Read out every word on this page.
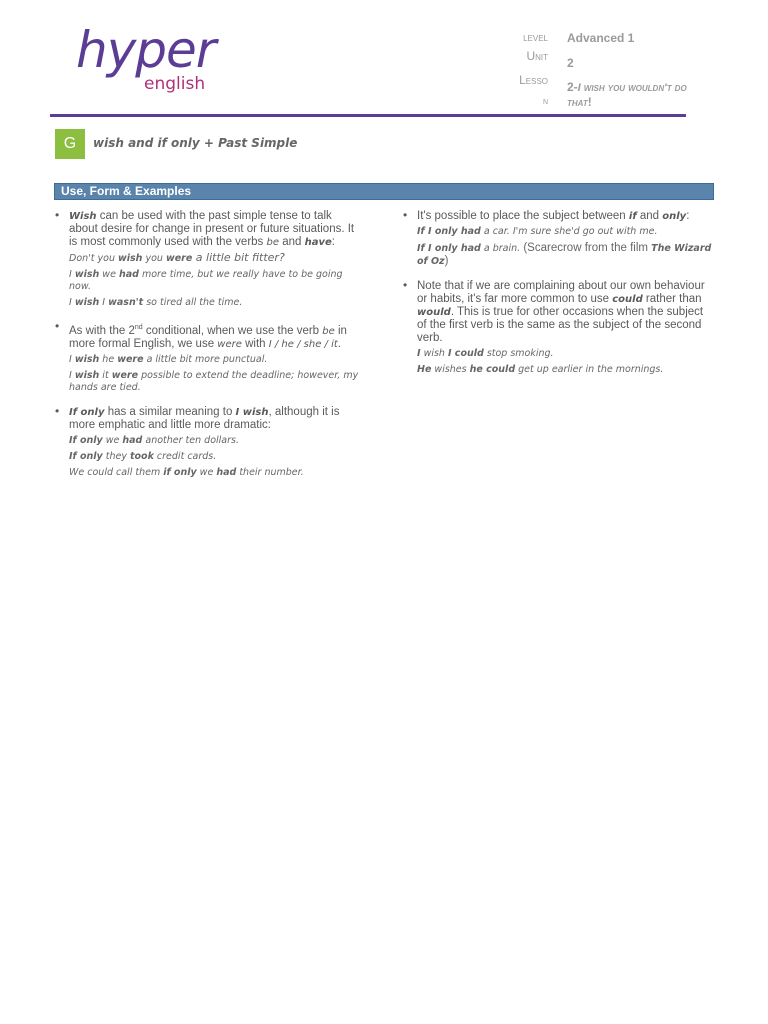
hyper
english
level
Unit
Lesso
n
Advanced 1
2
2-I wish you wouldn't do that!
G	wish and if only + Past Simple
Use, Form & Examples
• Wish can be used with the past simple tense to talk about desire for change in present or future situations. It is most commonly used with the verbs be and have:

Don't you wish you were a little bit fitter?

I wish we had more time, but we really have to be going now.

I wish I wasn't so tired all the time.

• As with the 2nd conditional, when we use the verb be in more formal English, we use were with I / he / she / it.

I wish he were a little bit more punctual.

I wish it were possible to extend the deadline; however, my hands are tied.

• If only has a similar meaning to I wish, although it is more emphatic and little more dramatic:

If only we had another ten dollars.

If only they took credit cards.

We could call them if only we had their number.

• It's possible to place the subject between if and only:

If I only had a car. I'm sure she'd go out with me.

If I only had a brain. (Scarecrow from the film The Wizard of Oz)

• Note that if we are complaining about our own behaviour or habits, it's far more common to use could rather than would. This is true for other occasions when the subject of the first verb is the same as the subject of the second verb.

I wish I could stop smoking.

He wishes he could get up earlier in the mornings.
